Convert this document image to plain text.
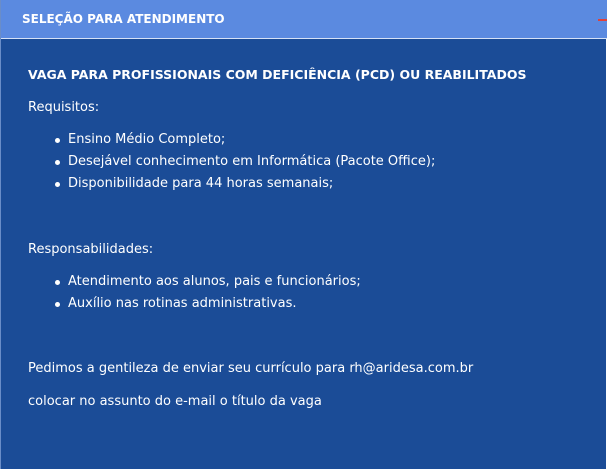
SELEÇÃO PARA ATENDIMENTO
VAGA PARA PROFISSIONAIS COM DEFICIÊNCIA (PCD) OU REABILITADOS
Requisitos:
Ensino Médio Completo;
Desejável conhecimento em Informática (Pacote Office);
Disponibilidade para 44 horas semanais;
Responsabilidades:
Atendimento aos alunos, pais e funcionários;
Auxílio nas rotinas administrativas.
Pedimos a gentileza de enviar seu currículo para rh@aridesa.com.br
colocar no assunto do e-mail o título da vaga
